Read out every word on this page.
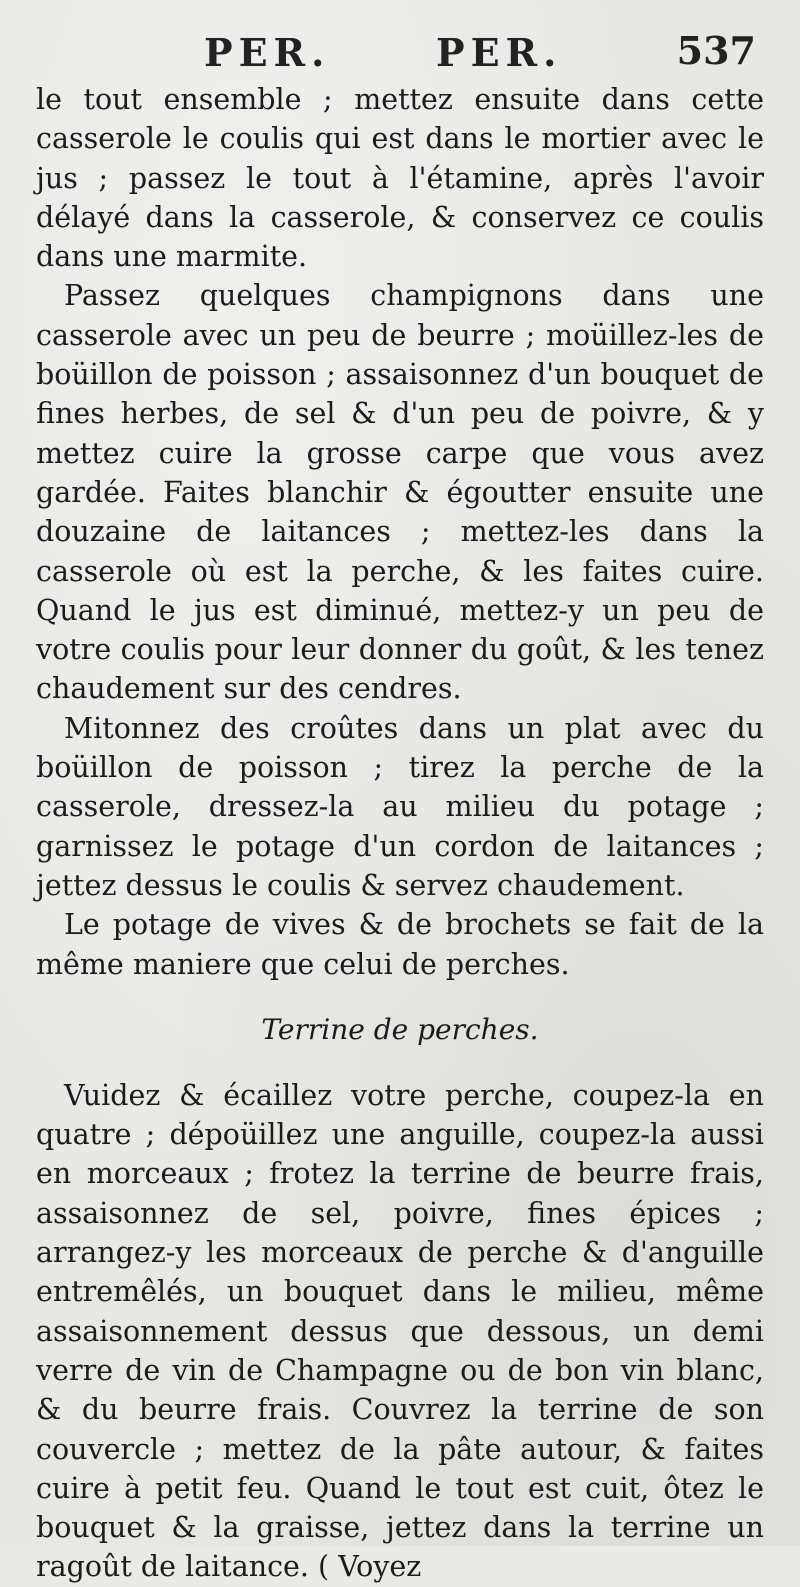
PER.	PER.	537

le tout ensemble ; mettez ensuite dans cette casserole le coulis qui est dans le mortier avec le jus ; passez le tout à l'étamine, après l'avoir délayé dans la casserole, & conservez ce coulis dans une marmite.

Passez quelques champignons dans une casserole avec un peu de beurre ; moüillez-les de boüillon de poisson ; assaisonnez d'un bouquet de fines herbes, de sel & d'un peu de poivre, & y mettez cuire la grosse carpe que vous avez gardée. Faites blanchir & égoutter ensuite une douzaine de laitances ; mettez-les dans la casserole où est la perche, & les faites cuire. Quand le jus est diminué, mettez-y un peu de votre coulis pour leur donner du goût, & les tenez chaudement sur des cendres.

Mitonnez des croûtes dans un plat avec du boüillon de poisson ; tirez la perche de la casserole, dressez-la au milieu du potage ; garnissez le potage d'un cordon de laitances ; jettez dessus le coulis & servez chaudement.

Le potage de vives & de brochets se fait de la même maniere que celui de perches.

Terrine de perches.

Vuidez & écaillez votre perche, coupez-la en quatre ; dépoüillez une anguille, coupez-la aussi en morceaux ; frotez la terrine de beurre frais, assaisonnez de sel, poivre, fines épices ; arrangez-y les morceaux de perche & d'anguille entremêlés, un bouquet dans le milieu, même assaisonnement dessus que dessous, un demi verre de vin de Champagne ou de bon vin blanc, & du beurre frais. Couvrez la terrine de son couvercle ; mettez de la pâte autour, & faites cuire à petit feu. Quand le tout est cuit, ôtez le bouquet & la graisse, jettez dans la terrine un ragoût de laitance. ( Voyez
